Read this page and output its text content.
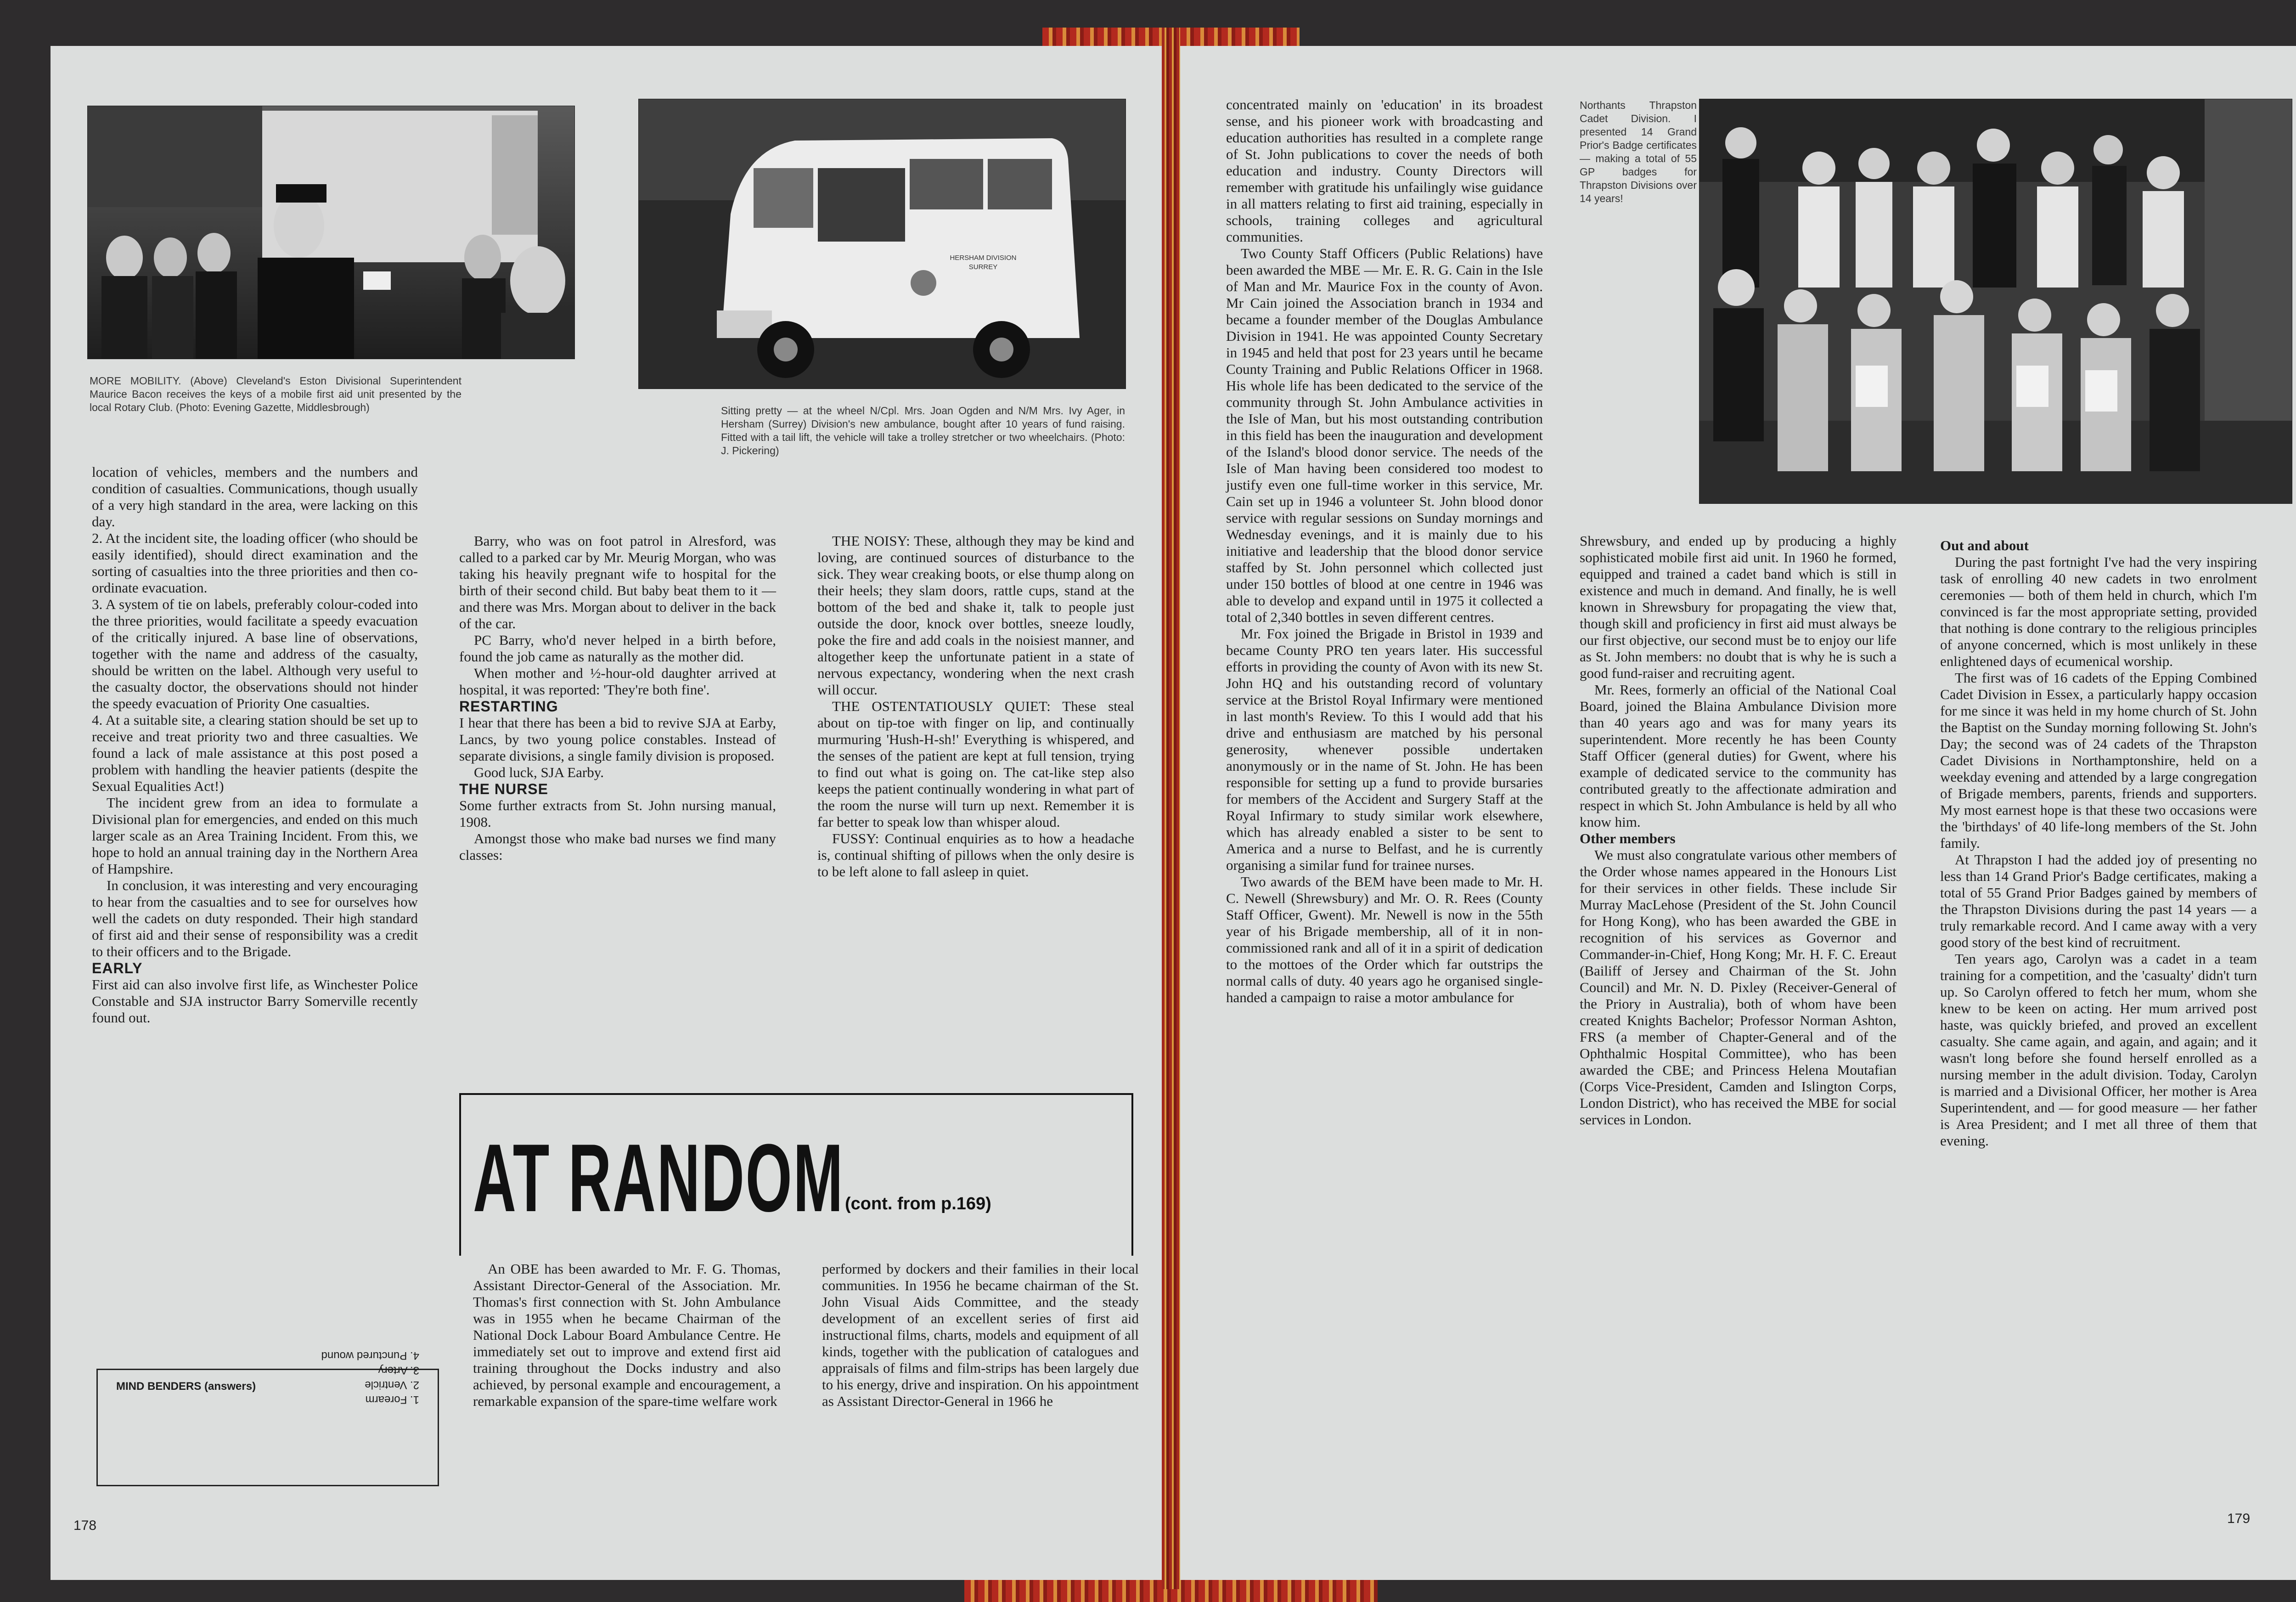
MORE MOBILITY. (Above) Cleveland's Eston Divisional Superintendent Maurice Bacon receives the keys of a mobile first aid unit presented by the local Rotary Club. (Photo: Evening Gazette, Middlesbrough)
HERSHAM DIVISION
SURREY
Sitting pretty — at the wheel N/Cpl. Mrs. Joan Ogden and N/M Mrs. Ivy Ager, in Hersham (Surrey) Division's new ambulance, bought after 10 years of fund raising. Fitted with a tail lift, the vehicle will take a trolley stretcher or two wheelchairs. (Photo: J. Pickering)

location of vehicles, members and the numbers and condition of casualties. Communications, though usually of a very high standard in the area, were lacking on this day.

2. At the incident site, the loading officer (who should be easily identified), should direct examination and the sorting of casualties into the three priorities and then co-ordinate evacuation.

3. A system of tie on labels, preferably colour-coded into the three priorities, would facilitate a speedy evacuation of the critically injured. A base line of observations, together with the name and address of the casualty, should be written on the label. Although very useful to the casualty doctor, the observations should not hinder the speedy evacuation of Priority One casualties.

4. At a suitable site, a clearing station should be set up to receive and treat priority two and three casualties. We found a lack of male assistance at this post posed a problem with handling the heavier patients (despite the Sexual Equalities Act!)

The incident grew from an idea to formulate a Divisional plan for emergencies, and ended on this much larger scale as an Area Training Incident. From this, we hope to hold an annual training day in the Northern Area of Hampshire.

In conclusion, it was interesting and very encouraging to hear from the casualties and to see for ourselves how well the cadets on duty responded. Their high standard of first aid and their sense of responsibility was a credit to their officers and to the Brigade.

EARLY

First aid can also involve first life, as Winchester Police Constable and SJA instructor Barry Somerville recently found out.

MIND BENDERS (answers)
1. Forearm
2. Ventricle
3. Artery
4. Punctured wound

Barry, who was on foot patrol in Alresford, was called to a parked car by Mr. Meurig Morgan, who was taking his heavily pregnant wife to hospital for the birth of their second child. But baby beat them to it — and there was Mrs. Morgan about to deliver in the back of the car.

PC Barry, who'd never helped in a birth before, found the job came as naturally as the mother did.

When mother and ½-hour-old daughter arrived at hospital, it was reported: 'They're both fine'.

RESTARTING

I hear that there has been a bid to revive SJA at Earby, Lancs, by two young police constables. Instead of separate divisions, a single family division is proposed.

Good luck, SJA Earby.

THE NURSE

Some further extracts from St. John nursing manual, 1908.

Amongst those who make bad nurses we find many classes:

THE NOISY: These, although they may be kind and loving, are continued sources of disturbance to the sick. They wear creaking boots, or else thump along on their heels; they slam doors, rattle cups, stand at the bottom of the bed and shake it, talk to people just outside the door, knock over bottles, sneeze loudly, poke the fire and add coals in the noisiest manner, and altogether keep the unfortunate patient in a state of nervous expectancy, wondering when the next crash will occur.

THE OSTENTATIOUSLY QUIET: These steal about on tip-toe with finger on lip, and continually murmuring 'Hush-H-sh!' Everything is whispered, and the senses of the patient are kept at full tension, trying to find out what is going on. The cat-like step also keeps the patient continually wondering in what part of the room the nurse will turn up next. Remember it is far better to speak low than whisper aloud.

FUSSY: Continual enquiries as to how a headache is, continual shifting of pillows when the only desire is to be left alone to fall asleep in quiet.

AT RANDOM (cont. from p.169)

An OBE has been awarded to Mr. F. G. Thomas, Assistant Director-General of the Association. Mr. Thomas's first connection with St. John Ambulance was in 1955 when he became Chairman of the National Dock Labour Board Ambulance Centre. He immediately set out to improve and extend first aid training throughout the Docks industry and also achieved, by personal example and encouragement, a remarkable expansion of the spare-time welfare work

performed by dockers and their families in their local communities. In 1956 he became chairman of the St. John Visual Aids Committee, and the steady development of an excellent series of first aid instructional films, charts, models and equipment of all kinds, together with the publication of catalogues and appraisals of films and film-strips has been largely due to his energy, drive and inspiration. On his appointment as Assistant Director-General in 1966 he

178

concentrated mainly on 'education' in its broadest sense, and his pioneer work with broadcasting and education authorities has resulted in a complete range of St. John publications to cover the needs of both education and industry. County Directors will remember with gratitude his unfailingly wise guidance in all matters relating to first aid training, especially in schools, training colleges and agricultural communities.

Two County Staff Officers (Public Relations) have been awarded the MBE — Mr. E. R. G. Cain in the Isle of Man and Mr. Maurice Fox in the county of Avon. Mr Cain joined the Association branch in 1934 and became a founder member of the Douglas Ambulance Division in 1941. He was appointed County Secretary in 1945 and held that post for 23 years until he became County Training and Public Relations Officer in 1968. His whole life has been dedicated to the service of the community through St. John Ambulance activities in the Isle of Man, but his most outstanding contribution in this field has been the inauguration and development of the Island's blood donor service. The needs of the Isle of Man having been considered too modest to justify even one full-time worker in this service, Mr. Cain set up in 1946 a volunteer St. John blood donor service with regular sessions on Sunday mornings and Wednesday evenings, and it is mainly due to his initiative and leadership that the blood donor service staffed by St. John personnel which collected just under 150 bottles of blood at one centre in 1946 was able to develop and expand until in 1975 it collected a total of 2,340 bottles in seven different centres.

Mr. Fox joined the Brigade in Bristol in 1939 and became County PRO ten years later. His successful efforts in providing the county of Avon with its new St. John HQ and his outstanding record of voluntary service at the Bristol Royal Infirmary were mentioned in last month's Review. To this I would add that his drive and enthusiasm are matched by his personal generosity, whenever possible undertaken anonymously or in the name of St. John. He has been responsible for setting up a fund to provide bursaries for members of the Accident and Surgery Staff at the Royal Infirmary to study similar work elsewhere, which has already enabled a sister to be sent to America and a nurse to Belfast, and he is currently organising a similar fund for trainee nurses.

Two awards of the BEM have been made to Mr. H. C. Newell (Shrewsbury) and Mr. O. R. Rees (County Staff Officer, Gwent). Mr. Newell is now in the 55th year of his Brigade membership, all of it in non-commissioned rank and all of it in a spirit of dedication to the mottoes of the Order which far outstrips the normal calls of duty. 40 years ago he organised single-handed a campaign to raise a motor ambulance for

Northants Thrapston Cadet Division. I presented 14 Grand Prior's Badge certificates — making a total of 55 GP badges for Thrapston Divisions over 14 years!

Shrewsbury, and ended up by producing a highly sophisticated mobile first aid unit. In 1960 he formed, equipped and trained a cadet band which is still in existence and much in demand. And finally, he is well known in Shrewsbury for propagating the view that, though skill and proficiency in first aid must always be our first objective, our second must be to enjoy our life as St. John members: no doubt that is why he is such a good fund-raiser and recruiting agent.

Mr. Rees, formerly an official of the National Coal Board, joined the Blaina Ambulance Division more than 40 years ago and was for many years its superintendent. More recently he has been County Staff Officer (general duties) for Gwent, where his example of dedicated service to the community has contributed greatly to the affectionate admiration and respect in which St. John Ambulance is held by all who know him.

Other members

We must also congratulate various other members of the Order whose names appeared in the Honours List for their services in other fields. These include Sir Murray MacLehose (President of the St. John Council for Hong Kong), who has been awarded the GBE in recognition of his services as Governor and Commander-in-Chief, Hong Kong; Mr. H. F. C. Ereaut (Bailiff of Jersey and Chairman of the St. John Council) and Mr. N. D. Pixley (Receiver-General of the Priory in Australia), both of whom have been created Knights Bachelor; Professor Norman Ashton, FRS (a member of Chapter-General and of the Ophthalmic Hospital Committee), who has been awarded the CBE; and Princess Helena Moutafian (Corps Vice-President, Camden and Islington Corps, London District), who has received the MBE for social services in London.

Out and about

During the past fortnight I've had the very inspiring task of enrolling 40 new cadets in two enrolment ceremonies — both of them held in church, which I'm convinced is far the most appropriate setting, provided that nothing is done contrary to the religious principles of anyone concerned, which is most unlikely in these enlightened days of ecumenical worship.

The first was of 16 cadets of the Epping Combined Cadet Division in Essex, a particularly happy occasion for me since it was held in my home church of St. John the Baptist on the Sunday morning following St. John's Day; the second was of 24 cadets of the Thrapston Cadet Divisions in Northamptonshire, held on a weekday evening and attended by a large congregation of Brigade members, parents, friends and supporters. My most earnest hope is that these two occasions were the 'birthdays' of 40 life-long members of the St. John family.

At Thrapston I had the added joy of presenting no less than 14 Grand Prior's Badge certificates, making a total of 55 Grand Prior Badges gained by members of the Thrapston Divisions during the past 14 years — a truly remarkable record. And I came away with a very good story of the best kind of recruitment.

Ten years ago, Carolyn was a cadet in a team training for a competition, and the 'casualty' didn't turn up. So Carolyn offered to fetch her mum, whom she knew to be keen on acting. Her mum arrived post haste, was quickly briefed, and proved an excellent casualty. She came again, and again, and again; and it wasn't long before she found herself enrolled as a nursing member in the adult division. Today, Carolyn is married and a Divisional Officer, her mother is Area Superintendent, and — for good measure — her father is Area President; and I met all three of them that evening.

179
